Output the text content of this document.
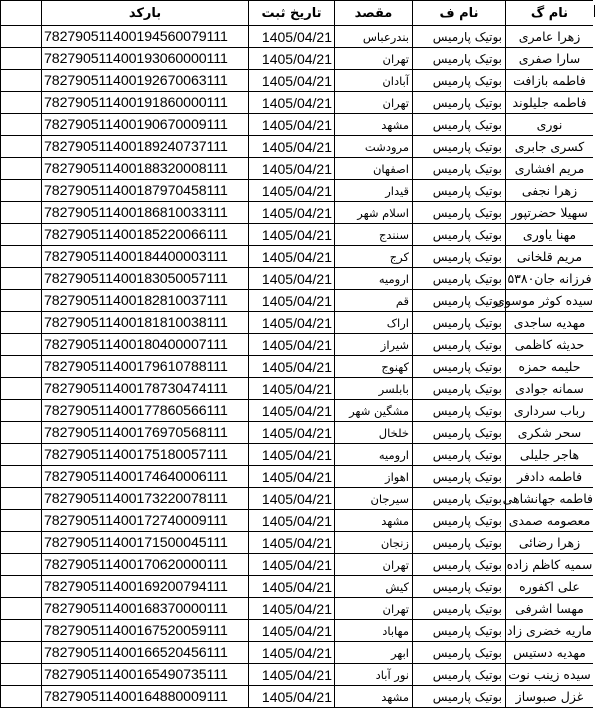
	بارکد	تاریخ ثبت	مقصد	نام ف	نام گ
	782790511400194560079111	1405/04/21	بندرعباس	بوتیک پارمیس	زهرا عامری
	782790511400193060000111	1405/04/21	تهران	بوتیک پارمیس	سارا صفری
	782790511400192670063111	1405/04/21	آبادان	بوتیک پارمیس	فاطمه بازافت
	782790511400191860000111	1405/04/21	تهران	بوتیک پارمیس	فاطمه جلیلوند
	782790511400190670009111	1405/04/21	مشهد	بوتیک پارمیس	نوری
	782790511400189240737111	1405/04/21	مرودشت	بوتیک پارمیس	کسری جابری
	782790511400188320008111	1405/04/21	اصفهان	بوتیک پارمیس	مریم افشاری
	782790511400187970458111	1405/04/21	قیدار	بوتیک پارمیس	زهرا نجفی
	782790511400186810033111	1405/04/21	اسلام شهر	بوتیک پارمیس	سهیلا حضرتپور
	782790511400185220066111	1405/04/21	سنندج	بوتیک پارمیس	مهنا یاوری
	782790511400184400003111	1405/04/21	کرج	بوتیک پارمیس	مریم قلخانی
	782790511400183050057111	1405/04/21	ارومیه	بوتیک پارمیس	فرزانه جان۵۳۸۰
	782790511400182810037111	1405/04/21	قم	بوتیک پارمیس	سیده کوثر موسوی
	782790511400181810038111	1405/04/21	اراک	بوتیک پارمیس	مهدیه ساجدی
	782790511400180400007111	1405/04/21	شیراز	بوتیک پارمیس	حدیثه کاظمی
	782790511400179610788111	1405/04/21	کهنوج	بوتیک پارمیس	حلیمه حمزه
	782790511400178730474111	1405/04/21	بابلسر	بوتیک پارمیس	سمانه جوادی
	782790511400177860566111	1405/04/21	مشگین شهر	بوتیک پارمیس	رباب سرداری
	782790511400176970568111	1405/04/21	خلخال	بوتیک پارمیس	سحر شکری
	782790511400175180057111	1405/04/21	ارومیه	بوتیک پارمیس	هاجر جلیلی
	782790511400174640006111	1405/04/21	اهواز	بوتیک پارمیس	فاطمه دادفر
	782790511400173220078111	1405/04/21	سیرجان	بوتیک پارمیس	فاطمه جهانشاهی
	782790511400172740009111	1405/04/21	مشهد	بوتیک پارمیس	معصومه صمدی
	782790511400171500045111	1405/04/21	زنجان	بوتیک پارمیس	زهرا رضائی
	782790511400170620000111	1405/04/21	تهران	بوتیک پارمیس	سمیه کاظم زاده
	782790511400169200794111	1405/04/21	کیش	بوتیک پارمیس	علی اکفوره
	782790511400168370000111	1405/04/21	تهران	بوتیک پارمیس	مهسا اشرفی
	782790511400167520059111	1405/04/21	مهاباد	بوتیک پارمیس	ماریه خضری زاد
	782790511400166520456111	1405/04/21	ابهر	بوتیک پارمیس	مهدیه دستیس
	782790511400165490735111	1405/04/21	نور آباد	بوتیک پارمیس	سیده زینب نوت
	782790511400164880009111	1405/04/21	مشهد	بوتیک پارمیس	غزل صبوساز
